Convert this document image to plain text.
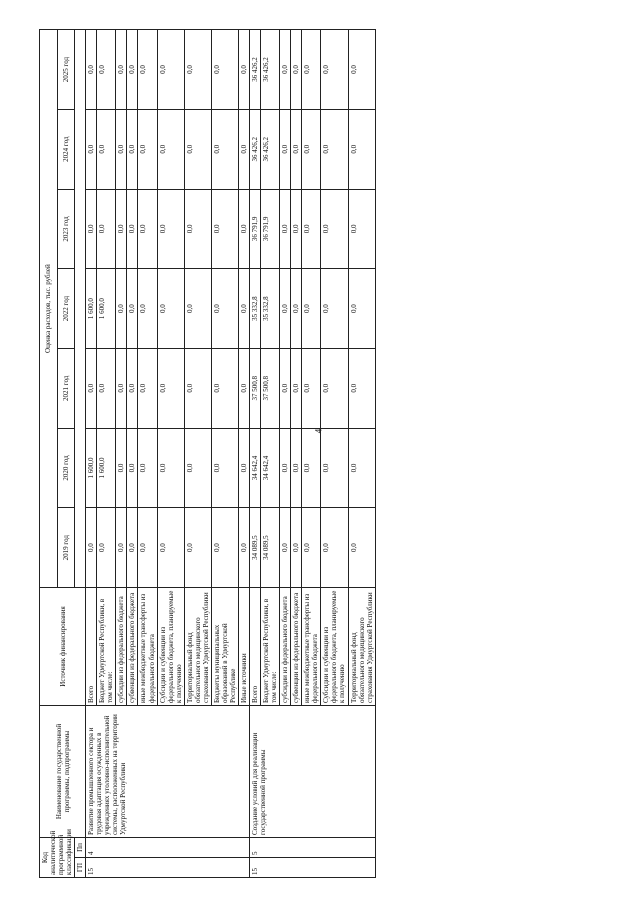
4
Код аналитической программной классификации		Наименование государственной программы, подпрограммы	Источник финансирования	Оценка расходов, тыс. рублей						
				2019 год	2020 год	2021 год	2022 год	2023 год	2024 год	2025 год
ГП	Пп									
15	4	Развитие промышленного сектора и трудовая адаптация осужденных в учреждениях уголовно-исполнительной системы, расположенных на территории Удмуртской Республики	Всего	0,0	1 600,0	0,0	1 600,0	0,0	0,0	0,0
			Бюджет Удмуртской Республики, в том числе:	0,0	1 600,0	0,0	1 600,0	0,0	0,0	0,0
			субсидии из федерального бюджета	0,0	0,0	0,0	0,0	0,0	0,0	0,0
			субвенции из федерального бюджета	0,0	0,0	0,0	0,0	0,0	0,0	0,0
			иные межбюджетные трансферты из федерального бюджета	0,0	0,0	0,0	0,0	0,0	0,0	0,0
			Субсидии и субвенции из федерального бюджета, планируемые к получению	0,0	0,0	0,0	0,0	0,0	0,0	0,0
			Территориальный фонд обязательного медицинского страхования Удмуртской Республики	0,0	0,0	0,0	0,0	0,0	0,0	0,0
			Бюджеты муниципальных образований в Удмуртской Республике	0,0	0,0	0,0	0,0	0,0	0,0	0,0
			Иные источники	0,0	0,0	0,0	0,0	0,0	0,0	0,0
15	5	Создание условий для реализации государственной программы	Всего	34 089,5	34 642,4	37 500,8	35 332,8	36 791,9	36 426,2	36 426,2
			Бюджет Удмуртской Республики, в том числе:	34 089,5	34 642,4	37 500,8	35 332,8	36 791,9	36 426,2	36 426,2
			субсидии из федерального бюджета	0,0	0,0	0,0	0,0	0,0	0,0	0,0
			субвенции из федерального бюджета	0,0	0,0	0,0	0,0	0,0	0,0	0,0
			иные межбюджетные трансферты из федерального бюджета	0,0	0,0	0,0	0,0	0,0	0,0	0,0
			Субсидии и субвенции из федерального бюджета, планируемые к получению	0,0	0,0	0,0	0,0	0,0	0,0	0,0
			Территориальный фонд обязательного медицинского страхования Удмуртской Республики	0,0	0,0	0,0	0,0	0,0	0,0	0,0
